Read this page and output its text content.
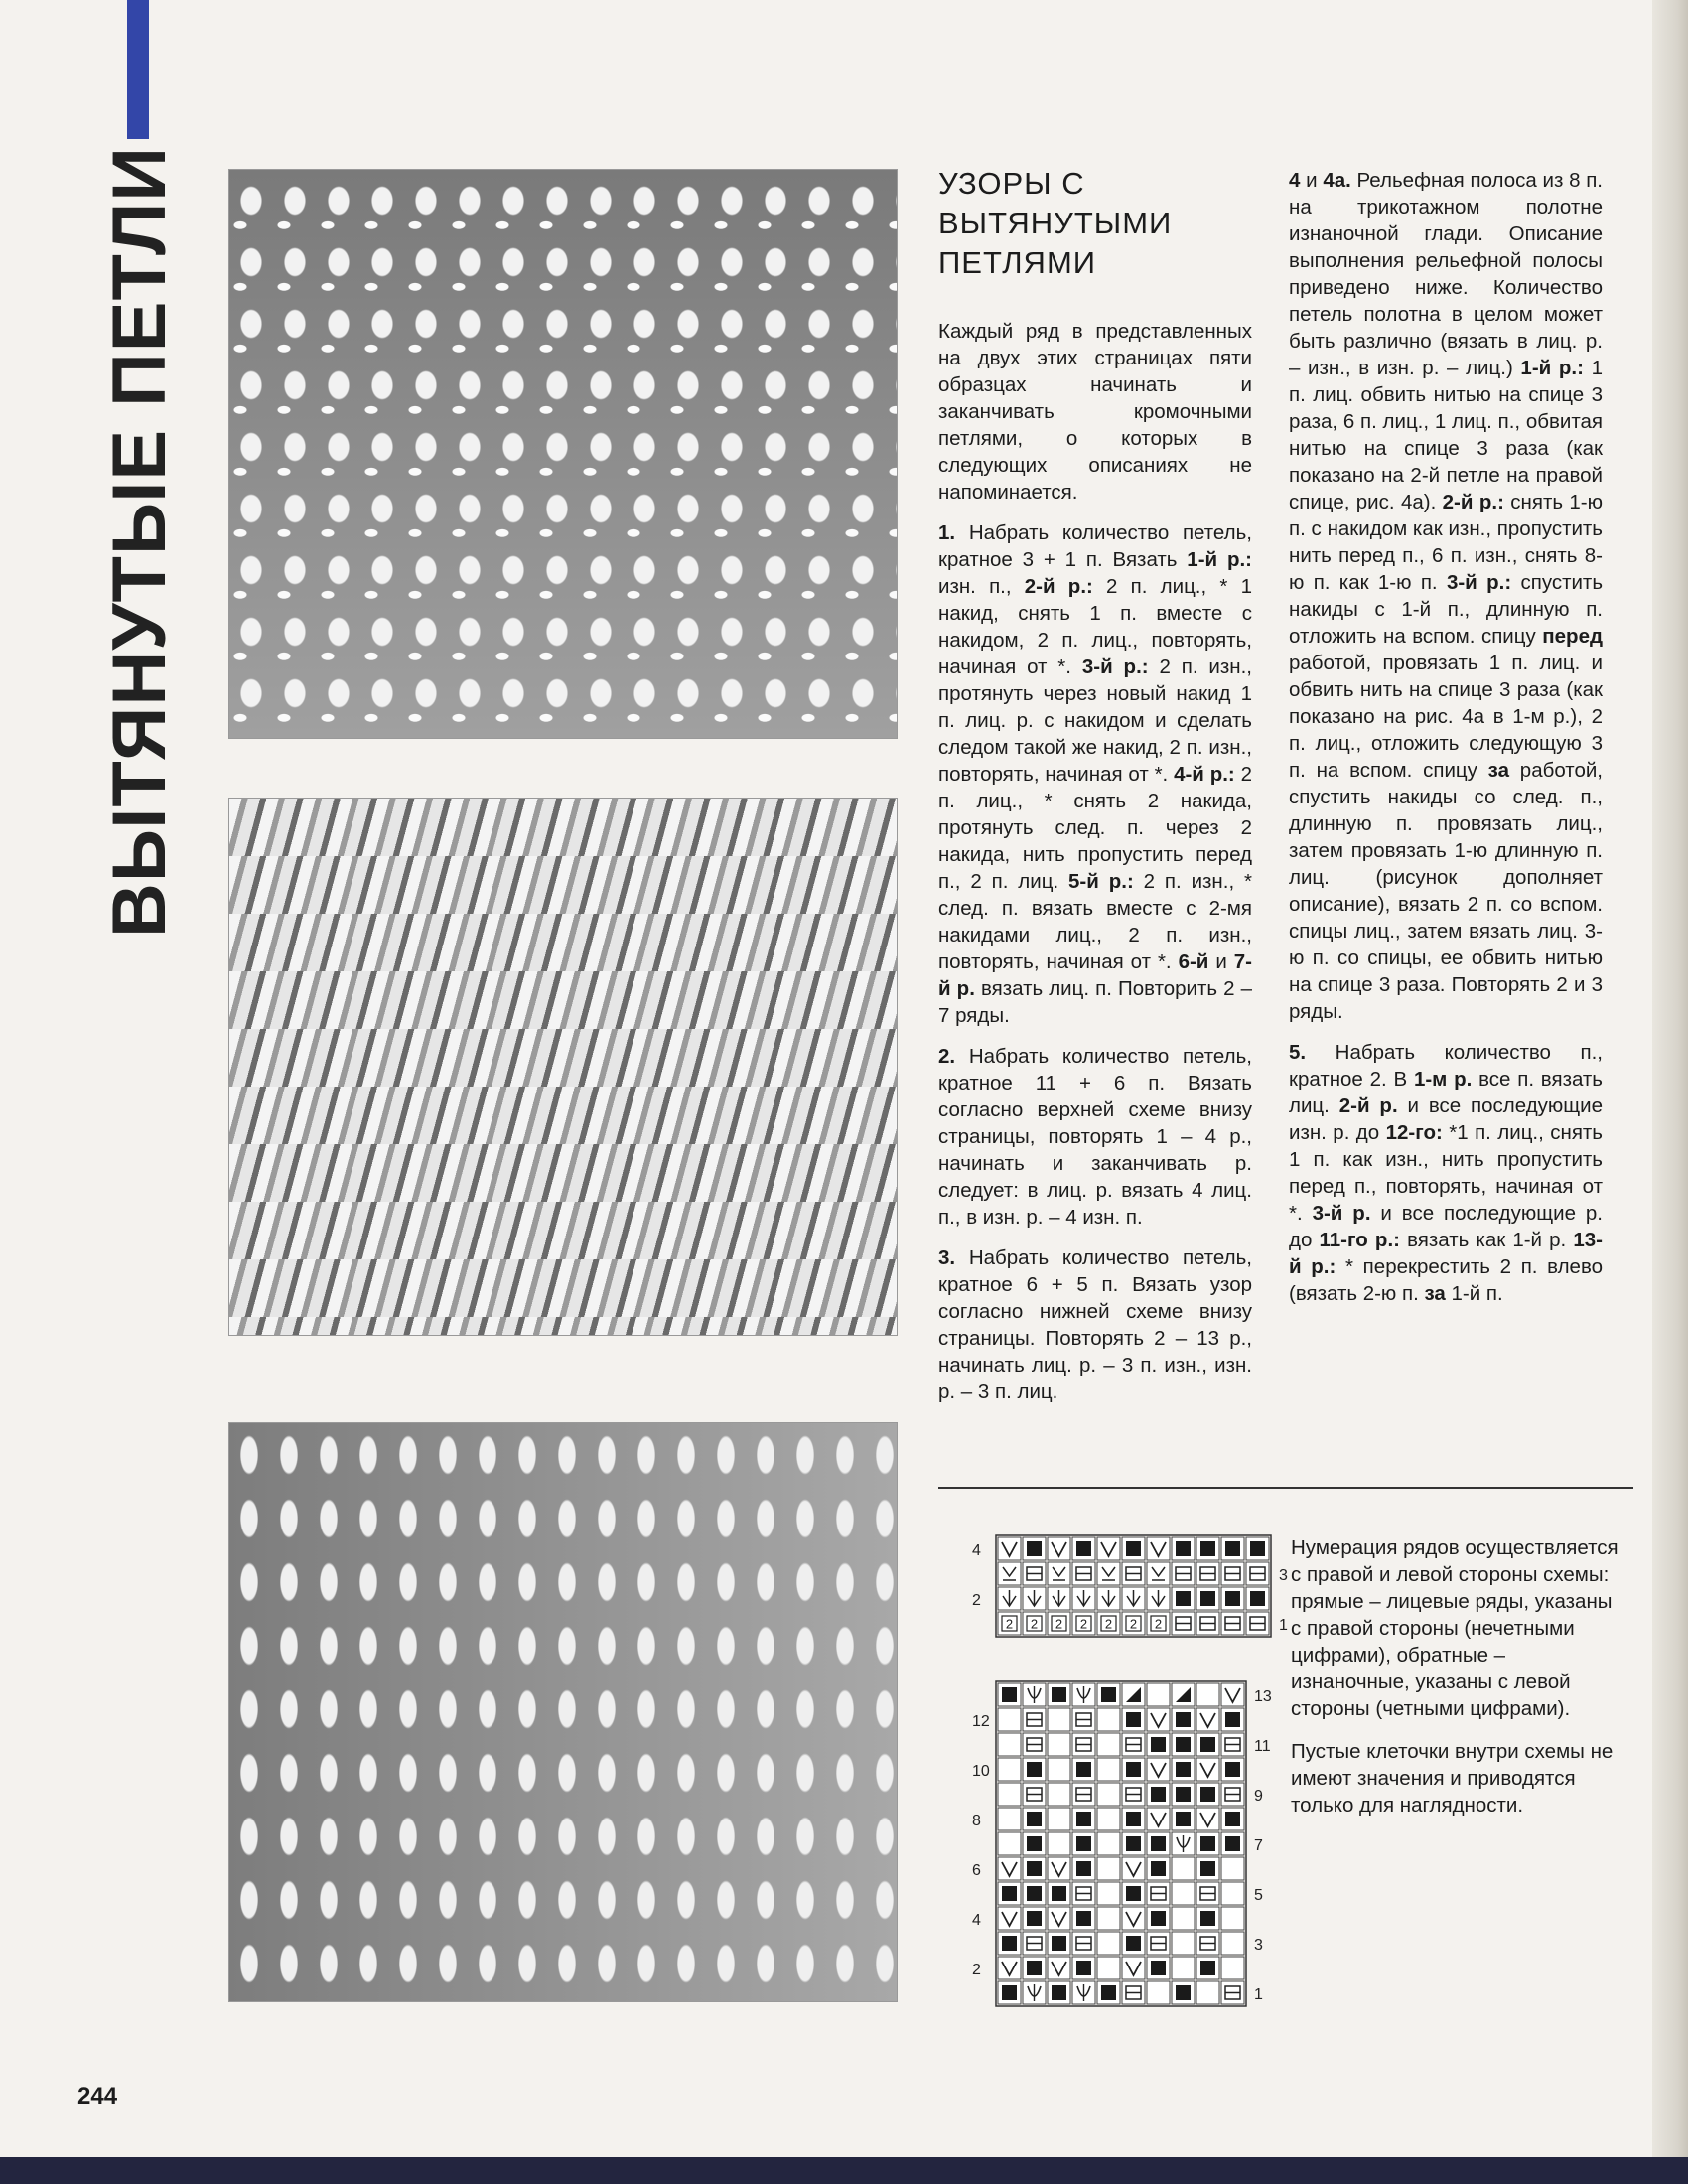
ВЫТЯНУТЫЕ ПЕТЛИ	УЗОРЫ С
ВЫТЯНУТЫМИ
ПЕТЛЯМИ

Каждый ряд в представленных на двух этих страницах пяти образцах начинать и заканчивать кромочными петлями, о которых в следующих описаниях не напоминается.

1. Набрать количество петель, кратное 3 + 1 п. Вязать 1-й р.: изн. п., 2-й р.: 2 п. лиц., * 1 накид, снять 1 п. вместе с накидом, 2 п. лиц., повторять, начиная от *. 3-й р.: 2 п. изн., протянуть через новый накид 1 п. лиц. р. с накидом и сделать следом такой же накид, 2 п. изн., повторять, начиная от *. 4-й р.: 2 п. лиц., * снять 2 накида, протянуть след. п. через 2 накида, нить пропустить перед п., 2 п. лиц. 5-й р.: 2 п. изн., * след. п. вязать вместе с 2-мя накидами лиц., 2 п. изн., повторять, начиная от *. 6-й и 7-й р. вязать лиц. п. Повторить 2 – 7 ряды.

2. Набрать количество петель, кратное 11 + 6 п. Вязать согласно верхней схеме внизу страницы, повторять 1 – 4 р., начинать и заканчивать р. следует: в лиц. р. вязать 4 лиц. п., в изн. р. – 4 изн. п.

3. Набрать количество петель, кратное 6 + 5 п. Вязать узор согласно нижней схеме внизу страницы. Повторять 2 – 13 р., начинать лиц. р. – 3 п. изн., изн. р. – 3 п. лиц.

4 и 4а. Рельефная полоса из 8 п. на трикотажном полотне изнаночной глади. Описание выполнения рельефной полосы приведено ниже. Количество петель полотна в целом может быть различно (вязать в лиц. р. – изн., в изн. р. – лиц.) 1-й р.: 1 п. лиц. обвить нитью на спице 3 раза, 6 п. лиц., 1 лиц. п., обвитая нитью на спице 3 раза (как показано на 2-й петле на правой спице, рис. 4а). 2-й р.: снять 1-ю п. с накидом как изн., пропустить нить перед п., 6 п. изн., снять 8-ю п. как 1-ю п. 3-й р.: спустить накиды с 1-й п., длинную п. отложить на вспом. спицу перед работой, провязать 1 п. лиц. и обвить нить на спице 3 раза (как показано на рис. 4а в 1-м р.), 2 п. лиц., отложить следующую 3 п. на вспом. спицу за работой, спустить накиды со след. п., длинную п. провязать лиц., затем провязать 1-ю длинную п. лиц. (рисунок дополняет описание), вязать 2 п. со вспом. спицы лиц., затем вязать лиц. 3-ю п. со спицы, ее обвить нитью на спице 3 раза. Повторять 2 и 3 ряды.

5. Набрать количество п., кратное 2. В 1-м р. все п. вязать лиц. 2-й р. и все последующие изн. р. до 12-го: *1 п. лиц., снять 1 п. как изн., нить пропустить перед п., повторять, начиная от *. 3-й р. и все последующие р. до 11-го р.: вязать как 1-й р. 13-й р.: * перекрестить 2 п. влево (вязать 2-ю п. за 1-й п.

4
3
2
1
2 2 2 2 2 2 2
13
12
11
10
9
8
7
6
5
4
3
2
1

Нумерация рядов осуществляется с правой и левой стороны схемы: прямые – лицевые ряды, указаны с правой стороны (нечетными цифрами), обратные – изнаночные, указаны с левой стороны (четными цифрами).

Пустые клеточки внутри схемы не имеют значения и приводятся только для наглядности.

244
